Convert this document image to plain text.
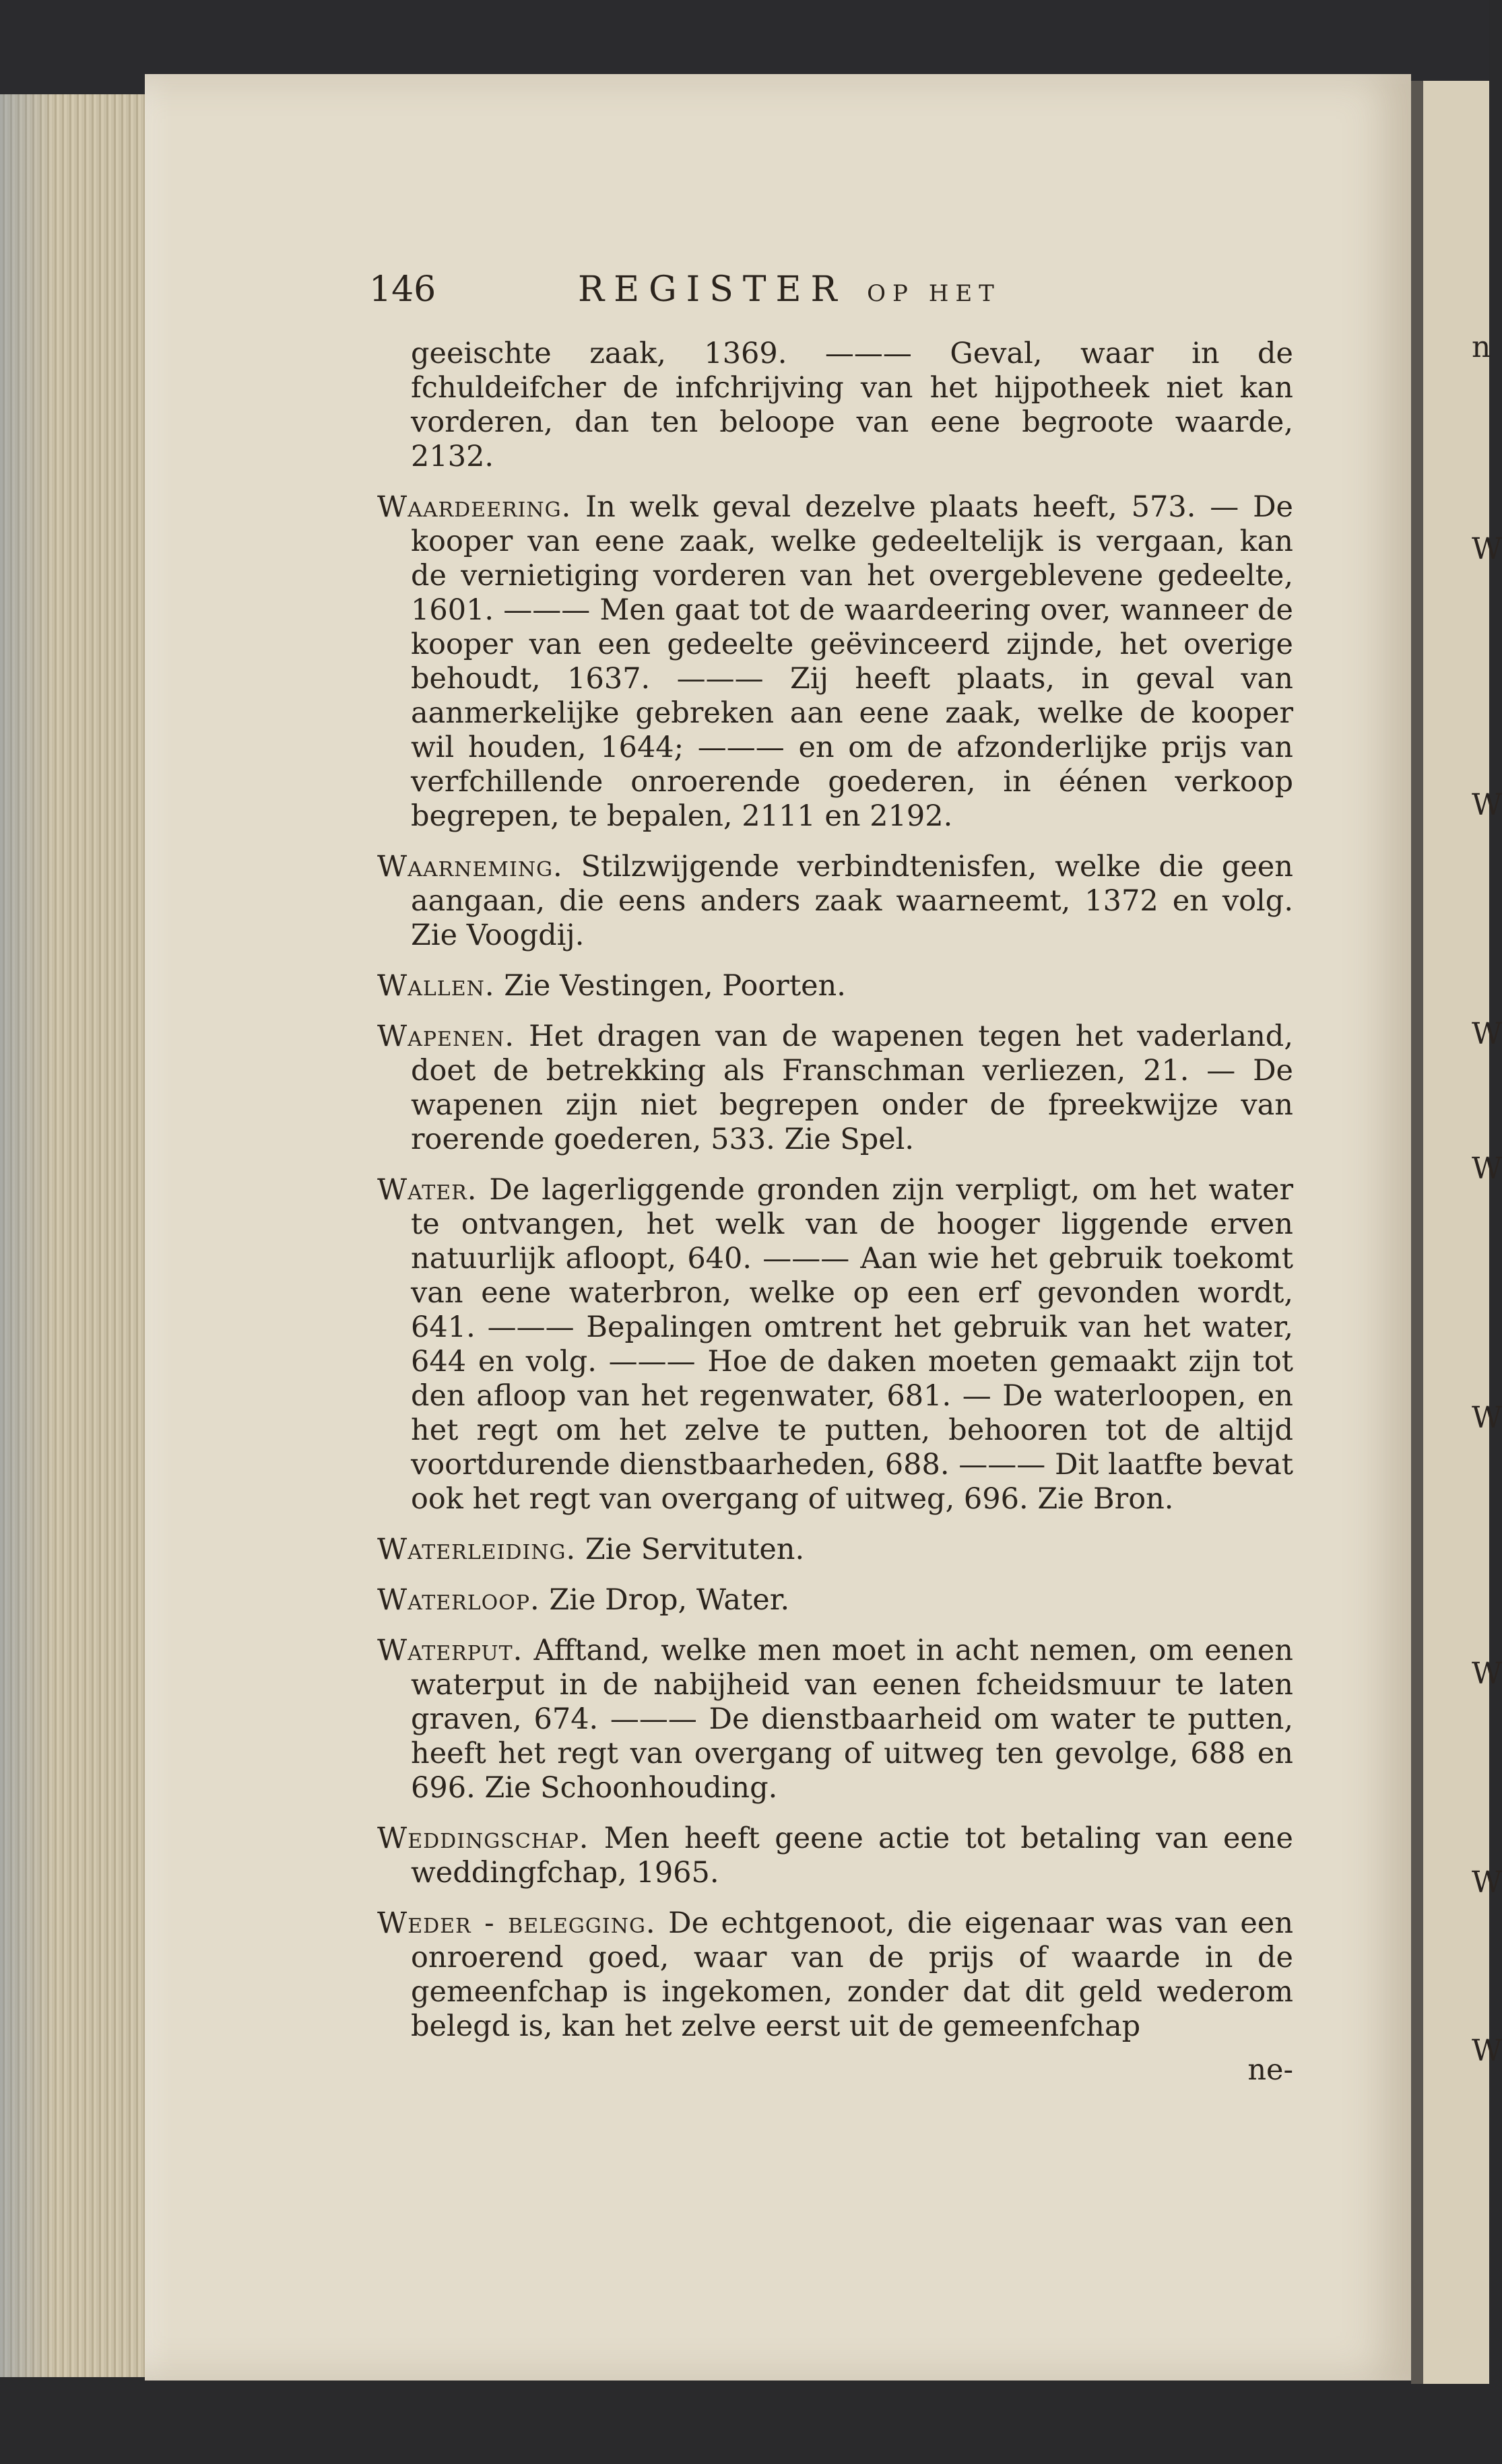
n
W
W
W
W
W
W
W
W
146	REGISTER OP HET

geeischte zaak, 1369. ——— Geval, waar in de fchuldeifcher de infchrijving van het hijpotheek niet kan vorderen, dan ten beloope van eene begroote waarde, 2132.

Waardeering. In welk geval dezelve plaats heeft, 573. — De kooper van eene zaak, welke gedeeltelijk is vergaan, kan de vernietiging vorderen van het overgeblevene gedeelte, 1601. ——— Men gaat tot de waardeering over, wanneer de kooper van een gedeelte geëvinceerd zijnde, het overige behoudt, 1637. ——— Zij heeft plaats, in geval van aanmerkelijke gebreken aan eene zaak, welke de kooper wil houden, 1644; ——— en om de afzonderlijke prijs van verfchillende onroerende goederen, in éénen verkoop begrepen, te bepalen, 2111 en 2192.

Waarneming. Stilzwijgende verbindtenisfen, welke die geen aangaan, die eens anders zaak waarneemt, 1372 en volg. Zie Voogdij.

Wallen. Zie Vestingen, Poorten.

Wapenen. Het dragen van de wapenen tegen het vaderland, doet de betrekking als Franschman verliezen, 21. — De wapenen zijn niet begrepen onder de fpreekwijze van roerende goederen, 533. Zie Spel.

Water. De lagerliggende gronden zijn verpligt, om het water te ontvangen, het welk van de hooger liggende erven natuurlijk afloopt, 640. ——— Aan wie het gebruik toekomt van eene waterbron, welke op een erf gevonden wordt, 641. ——— Bepalingen omtrent het gebruik van het water, 644 en volg. ——— Hoe de daken moeten gemaakt zijn tot den afloop van het regenwater, 681. — De waterloopen, en het regt om het zelve te putten, behooren tot de altijd voortdurende dienstbaarheden, 688. ——— Dit laatfte bevat ook het regt van overgang of uitweg, 696. Zie Bron.

Waterleiding. Zie Servituten.

Waterloop. Zie Drop, Water.

Waterput. Afftand, welke men moet in acht nemen, om eenen waterput in de nabijheid van eenen fcheidsmuur te laten graven, 674. ——— De dienstbaarheid om water te putten, heeft het regt van overgang of uitweg ten gevolge, 688 en 696. Zie Schoonhouding.

Weddingschap. Men heeft geene actie tot betaling van eene weddingfchap, 1965.

Weder - belegging. De echtgenoot, die eigenaar was van een onroerend goed, waar van de prijs of waarde in de gemeenfchap is ingekomen, zonder dat dit geld wederom belegd is, kan het zelve eerst uit de gemeenfchap

ne-
